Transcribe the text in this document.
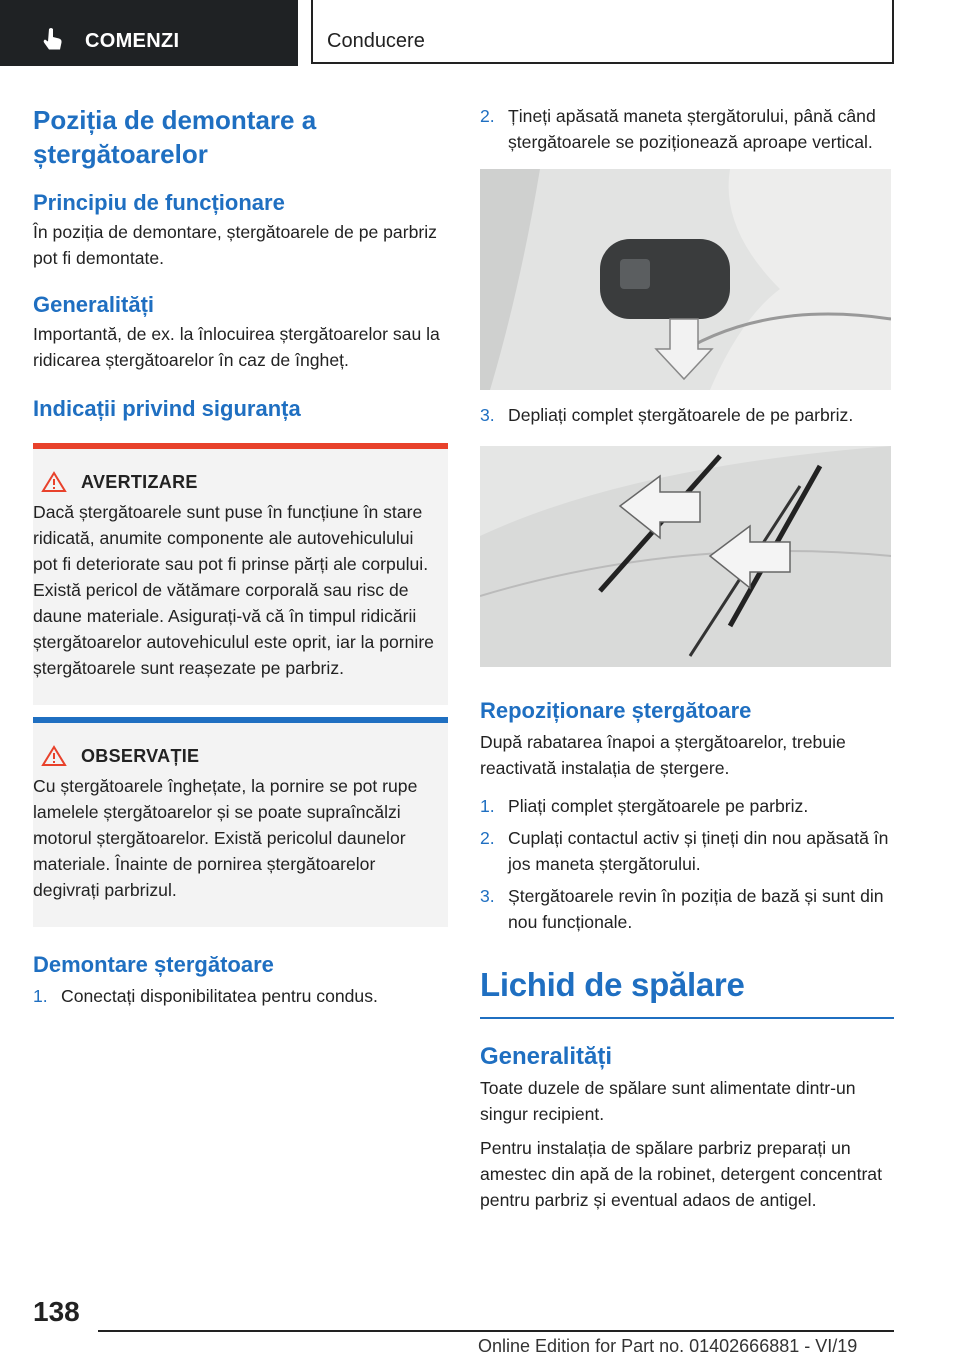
COMENZI	Conducere
Poziția de demontare a ștergătoarelor
Principiu de funcționare

În poziția de demontare, ștergătoarele de pe parbriz pot fi demontate.

Generalități

Importantă, de ex. la înlocuirea ștergătoarelor sau la ridicarea ștergătoarelor în caz de îngheț.

Indicații privind siguranța
AVERTIZARE

Dacă ștergătoarele sunt puse în funcțiune în stare ridicată, anumite componente ale autovehiculului pot fi deteriorate sau pot fi prinse părți ale corpului. Există pericol de vătămare corporală sau risc de daune materiale. Asigurați-vă că în timpul ridicării ștergătoarelor autovehiculul este oprit, iar la pornire ștergătoarele sunt reașezate pe parbriz.

OBSERVAȚIE

Cu ștergătoarele înghețate, la pornire se pot rupe lamelele ștergătoarelor și se poate supraîncălzi motorul ștergătoarelor. Există pericolul daunelor materiale. Înainte de pornirea ștergătoarelor degivrați parbrizul.

Demontare ștergătoare
1. Conectați disponibilitatea pentru condus.
2. Țineți apăsată maneta ștergătorului, până când ștergătoarele se poziționează aproape vertical.
3. Depliați complet ștergătoarele de pe parbriz.
Repoziționare ștergătoare

După rabatarea înapoi a ștergătoarelor, trebuie reactivată instalația de ștergere.

1. Pliați complet ștergătoarele pe parbriz.
2. Cuplați contactul activ și țineți din nou apăsată în jos maneta ștergătorului.
3. Ștergătoarele revin în poziția de bază și sunt din nou funcționale.
Lichid de spălare
Generalități

Toate duzele de spălare sunt alimentate dintr-un singur recipient.

Pentru instalația de spălare parbriz preparați un amestec din apă de la robinet, detergent concentrat pentru parbriz și eventual adaos de antigel.

138
Online Edition for Part no. 01402666881 - VI/19
